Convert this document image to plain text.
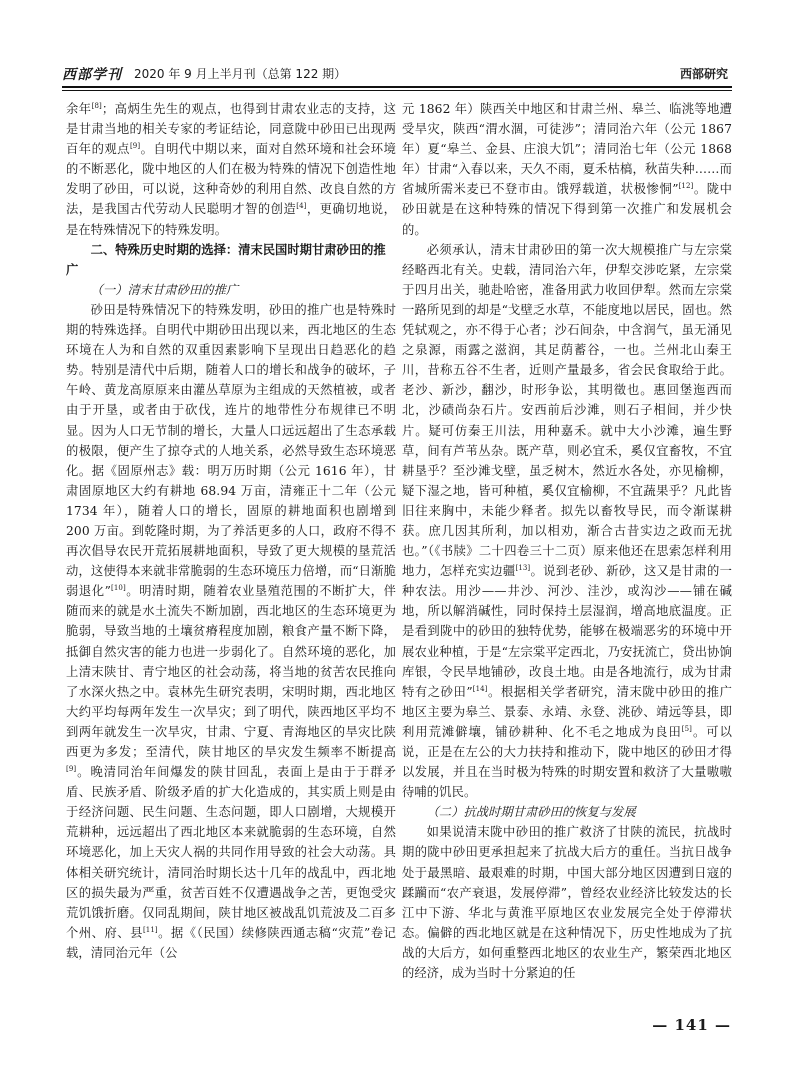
西部学刊 2020 年 9 月上半月刊（总第 122 期）	西部研究

余年[8]；高炳生先生的观点，也得到甘肃农业志的支持，这是甘肃当地的相关专家的考证结论，同意陇中砂田已出现两百年的观点[9]。自明代中期以来，面对自然环境和社会环境的不断恶化，陇中地区的人们在极为特殊的情况下创造性地发明了砂田，可以说，这种奇妙的利用自然、改良自然的方法，是我国古代劳动人民聪明才智的创造[4]，更确切地说，是在特殊情况下的特殊发明。

二、特殊历史时期的选择：清末民国时期甘肃砂田的推广
（一）清末甘肃砂田的推广

砂田是特殊情况下的特殊发明，砂田的推广也是特殊时期的特殊选择。自明代中期砂田出现以来，西北地区的生态环境在人为和自然的双重因素影响下呈现出日趋恶化的趋势。特别是清代中后期，随着人口的增长和战争的破坏，子午岭、黄龙高原原来由灌丛草原为主组成的天然植被，或者由于开垦，或者由于砍伐，连片的地带性分布规律已不明显。因为人口无节制的增长，大量人口远远超出了生态承载的极限，便产生了掠夺式的人地关系，必然导致生态环境恶化。据《固原州志》载：明万历时期（公元 1616 年），甘肃固原地区大约有耕地 68.94 万亩，清雍正十二年（公元 1734 年），随着人口的增长，固原的耕地面积也剧增到 200 万亩。到乾隆时期，为了养活更多的人口，政府不得不再次倡导农民开荒拓展耕地面积，导致了更大规模的垦荒活动，这使得本来就非常脆弱的生态环境压力倍增，而“日渐脆弱退化”[10]。明清时期，随着农业垦殖范围的不断扩大，伴随而来的就是水土流失不断加剧，西北地区的生态环境更为脆弱，导致当地的土壤贫瘠程度加剧，粮食产量不断下降，抵御自然灾害的能力也进一步弱化了。自然环境的恶化，加上清末陕甘、青宁地区的社会动荡，将当地的贫苦农民推向了水深火热之中。袁林先生研究表明，宋明时期，西北地区大约平均每两年发生一次旱灾；到了明代，陕西地区平均不到两年就发生一次旱灾，甘肃、宁夏、青海地区的旱灾比陕西更为多发；至清代，陕甘地区的旱灾发生频率不断提高[9]。晚清同治年间爆发的陕甘回乱，表面上是由于于群矛盾、民族矛盾、阶级矛盾的扩大化造成的，其实质上则是由于经济问题、民生问题、生态问题，即人口剧增，大规模开荒耕种，远远超出了西北地区本来就脆弱的生态环境，自然环境恶化，加上天灾人祸的共同作用导致的社会大动荡。具体相关研究统计，清同治时期长达十几年的战乱中，西北地区的损失最为严重，贫苦百姓不仅遭遇战争之苦，更饱受灾荒饥饿折磨。仅同乱期间，陕甘地区被战乱饥荒波及二百多个州、府、县[11]。据《（民国）续修陕西通志稿“灾荒”卷记载，清同治元年（公

元 1862 年）陕西关中地区和甘肃兰州、皋兰、临洮等地遭受旱灾，陕西“渭水涸，可徒涉”；清同治六年（公元 1867 年）夏“皋兰、金县、庄浪大饥”；清同治七年（公元 1868 年）甘肃“入春以来，天久不雨，夏禾枯槁，秋苗失种……而省城所需米麦已不登市由。饿殍载道，状极惨恫”[12]。陇中砂田就是在这种特殊的情况下得到第一次推广和发展机会的。

必须承认，清末甘肃砂田的第一次大规模推广与左宗棠经略西北有关。史载，清同治六年，伊犁交涉吃紧，左宗棠于四月出关，驰赴哈密，准备用武力收回伊犁。然而左宗棠一路所见到的却是“戈壁乏水草，不能度地以居民，固也。然凭轼观之，亦不得于心者；沙石间杂，中含润气，虽无涌见之泉源，雨露之滋润，其足荫蓄谷，一也。兰州北山秦王川，昔称五谷不生者，近则产量最多，省会民食取给于此。老沙、新沙，翻沙，时形争讼，其明徵也。惠回堡迤西而北，沙碛尚杂石片。安西前后沙滩，则石子相间，并少快片。疑可仿秦王川法，用种嘉禾。就中大小沙滩，遍生野草，间有芦苇丛杂。既产草，则必宜禾，奚仅宜畜牧，不宜耕垦乎？至沙滩戈壁，虽乏树木，然近水各处，亦见榆柳，疑下湿之地，皆可种植，奚仅宜榆柳，不宜蔬果乎？凡此皆旧往来胸中，未能少释者。拟先以畜牧导民，而令渐谋耕获。庶几因其所利，加以相劝，渐合古昔实边之政而无扰也。”（《书牍》二十四卷三十二页）原来他还在思索怎样利用地力，怎样充实边疆[13]。说到老砂、新砂，这又是甘肃的一种农法。用沙——井沙、河沙、洼沙，或沟沙——铺在碱地，所以解消碱性，同时保持土层湿润，增高地底温度。正是看到陇中的砂田的独特优势，能够在极端恶劣的环境中开展农业种植，于是“左宗棠平定西北，乃安抚流亡，贷出协饷库银，令民旱地铺砂，改良土地。由是各地流行，成为甘肃特有之砂田”[14]。根据相关学者研究，清末陇中砂田的推广地区主要为皋兰、景泰、永靖、永登、洮砂、靖远等县，即利用荒滩僻壤，铺砂耕种、化不毛之地成为良田[5]。可以说，正是在左公的大力扶持和推动下，陇中地区的砂田才得以发展，并且在当时极为特殊的时期安置和救济了大量嗷嗷待哺的饥民。

（二）抗战时期甘肃砂田的恢复与发展

如果说清末陇中砂田的推广救济了甘陕的流民，抗战时期的陇中砂田更承担起来了抗战大后方的重任。当抗日战争处于最黑暗、最艰难的时期，中国大部分地区因遭到日寇的蹂躏而“农产衰退，发展停滞”，曾经农业经济比较发达的长江中下游、华北与黄淮平原地区农业发展完全处于停滞状态。偏僻的西北地区就是在这种情况下，历史性地成为了抗战的大后方，如何重整西北地区的农业生产，繁荣西北地区的经济，成为当时十分紧迫的任

— 141 —
